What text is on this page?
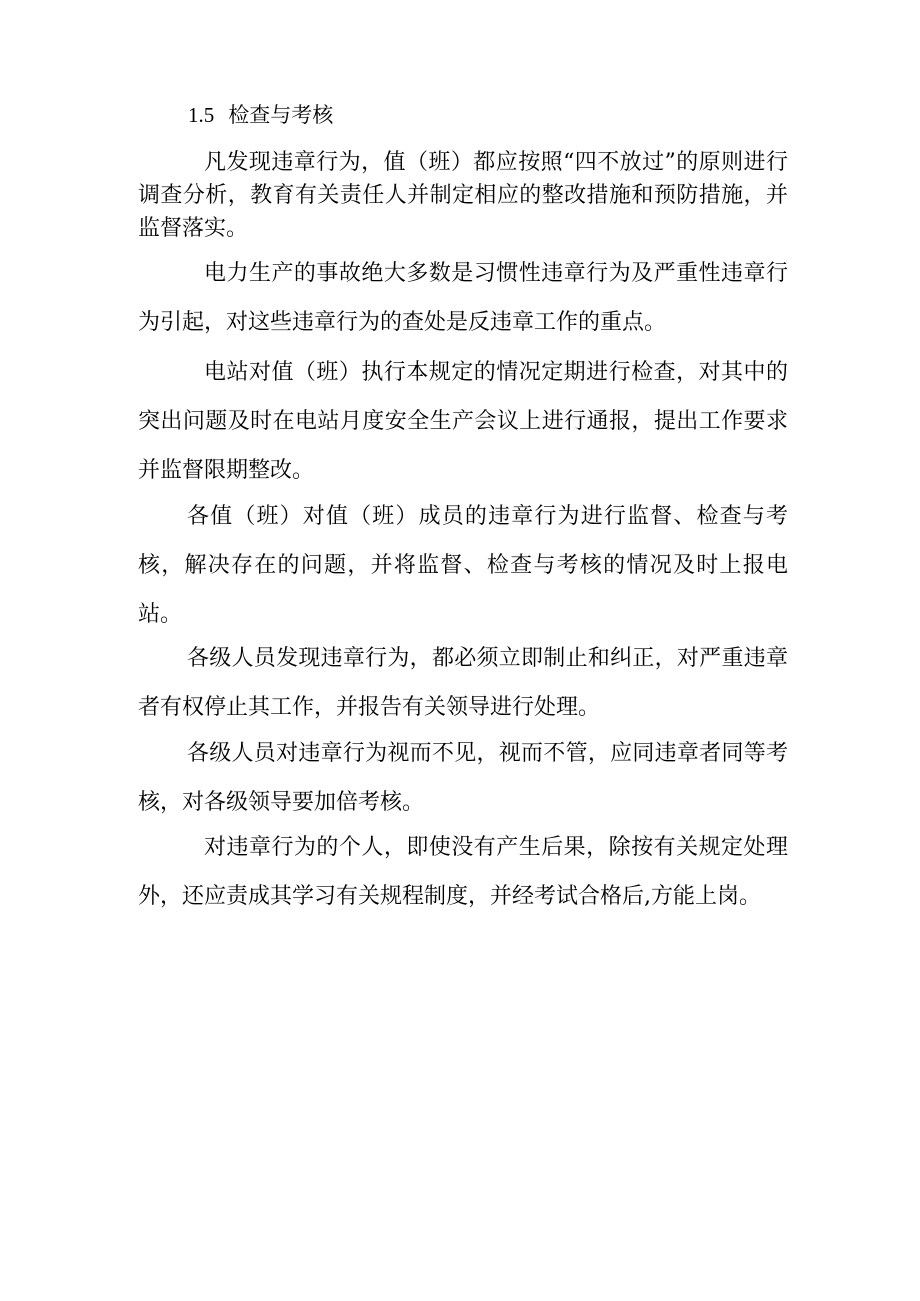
1.5 检查与考核

凡发现违章行为，值（班）都应按照“四不放过”的原则进行调查分析，教育有关责任人并制定相应的整改措施和预防措施，并监督落实。

电力生产的事故绝大多数是习惯性违章行为及严重性违章行为引起，对这些违章行为的查处是反违章工作的重点。

电站对值（班）执行本规定的情况定期进行检查，对其中的突出问题及时在电站月度安全生产会议上进行通报，提出工作要求并监督限期整改。

各值（班）对值（班）成员的违章行为进行监督、检查与考核，解决存在的问题，并将监督、检查与考核的情况及时上报电站。

各级人员发现违章行为，都必须立即制止和纠正，对严重违章者有权停止其工作，并报告有关领导进行处理。

各级人员对违章行为视而不见，视而不管，应同违章者同等考核，对各级领导要加倍考核。

对违章行为的个人，即使没有产生后果，除按有关规定处理外，还应责成其学习有关规程制度，并经考试合格后,方能上岗。
